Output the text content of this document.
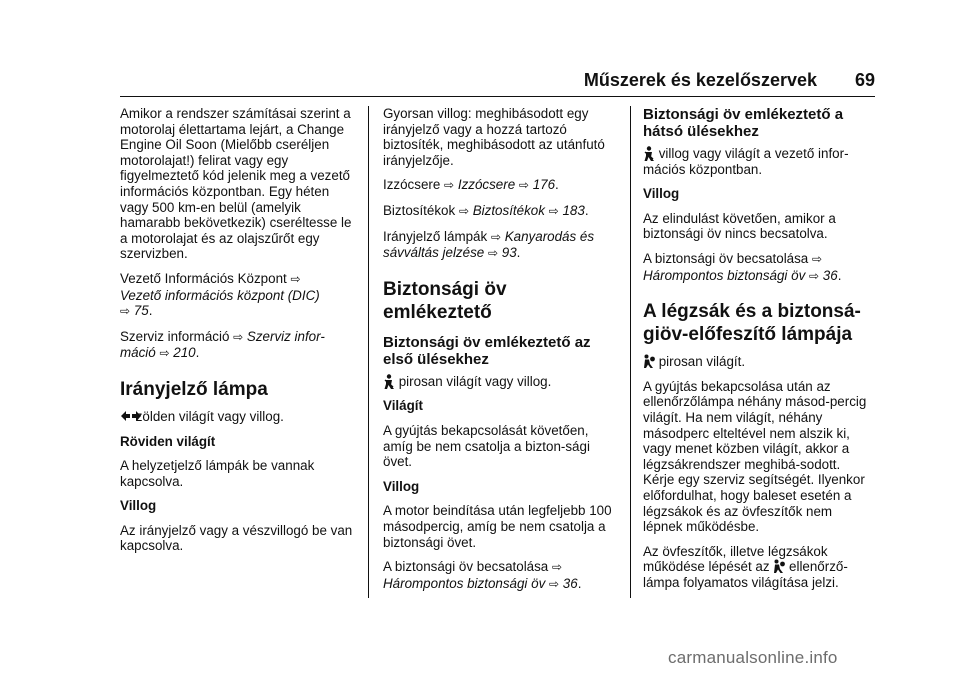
Műszerek és kezelőszervek 69

Amikor a rendszer számításai szerint a motorolaj élettartama lejárt, a Change Engine Oil Soon (Mielőbb cseréljen motorolajat!) felirat vagy egy figyelmeztető kód jelenik meg a vezető információs központban. Egy héten vagy 500 km-en belül (amelyik hamarabb bekövetkezik) cseréltesse le a motorolajat és az olajszűrőt egy szervizben.

Vezető Információs Központ ⇨
Vezető információs központ (DIC)
⇨ 75.

Szerviz információ ⇨ Szerviz infor-máció ⇨ 210.

Irányjelző lámpa

zölden világít vagy villog.

Röviden világít

A helyzetjelző lámpák be vannak kapcsolva.

Villog

Az irányjelző vagy a vészvillogó be van kapcsolva.

Gyorsan villog: meghibásodott egy irányjelző vagy a hozzá tartozó biztosíték, meghibásodott az utánfutó irányjelzője.

Izzócsere ⇨ Izzócsere ⇨ 176.

Biztosítékok ⇨ Biztosítékok ⇨ 183.

Irányjelző lámpák ⇨ Kanyarodás és sávváltás jelzése ⇨ 93.

Biztonsági öv emlékeztető
Biztonsági öv emlékeztető az első ülésekhez

pirosan világít vagy villog.

Világít

A gyújtás bekapcsolását követően, amíg be nem csatolja a bizton-sági övet.

Villog

A motor beindítása után legfeljebb 100 másodpercig, amíg be nem csatolja a biztonsági övet.

A biztonsági öv becsatolása ⇨
Hárompontos biztonsági öv ⇨ 36.

Biztonsági öv emlékeztető a hátsó ülésekhez

villog vagy világít a vezető infor-mációs központban.

Villog

Az elindulást követően, amikor a biztonsági öv nincs becsatolva.

A biztonsági öv becsatolása ⇨
Hárompontos biztonsági öv ⇨ 36.

A légzsák és a biztonsá-giöv-előfeszítő lámpája

pirosan világít.

A gyújtás bekapcsolása után az ellenőrzőlámpa néhány másod-percig világít. Ha nem világít, néhány másodperc elteltével nem alszik ki, vagy menet közben világít, akkor a légzsákrendszer meghibá-sodott. Kérje egy szerviz segítségét. Ilyenkor előfordulhat, hogy baleset esetén a légzsákok és az övfeszítők nem lépnek működésbe.

Az övfeszítők, illetve légzsákok működése lépését az ellenőrző-lámpa folyamatos világítása jelzi.

carmanualsonline.info
